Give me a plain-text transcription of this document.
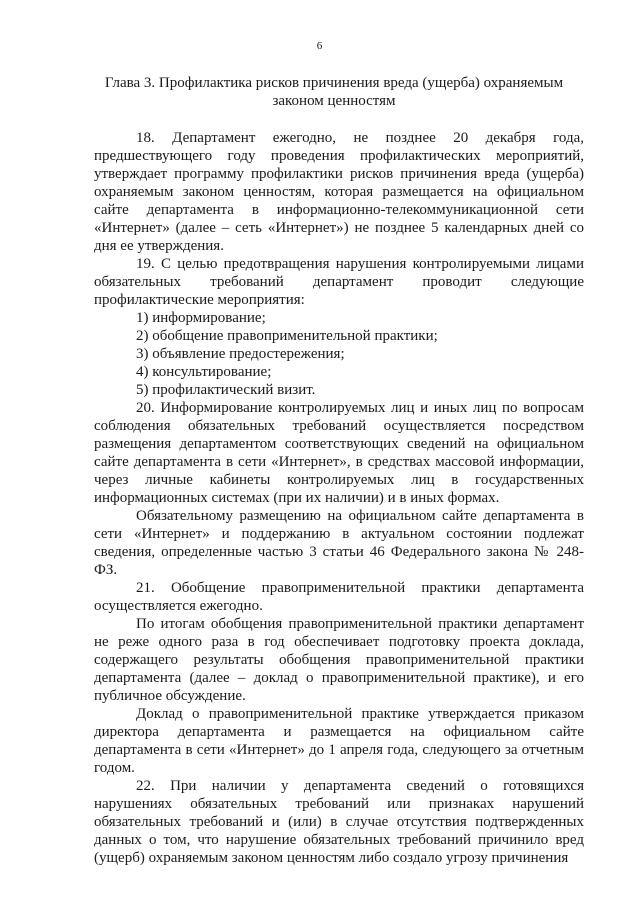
6
Глава 3. Профилактика рисков причинения вреда (ущерба) охраняемым законом ценностям

18. Департамент ежегодно, не позднее 20 декабря года, предшествующего году проведения профилактических мероприятий, утверждает программу профилактики рисков причинения вреда (ущерба) охраняемым законом ценностям, которая размещается на официальном сайте департамента в информационно-телекоммуникационной сети «Интернет» (далее – сеть «Интернет») не позднее 5 календарных дней со дня ее утверждения.

19. С целью предотвращения нарушения контролируемыми лицами обязательных требований департамент проводит следующие профилактические мероприятия:

1) информирование;
2) обобщение правоприменительной практики;
3) объявление предостережения;
4) консультирование;
5) профилактический визит.

20. Информирование контролируемых лиц и иных лиц по вопросам соблюдения обязательных требований осуществляется посредством размещения департаментом соответствующих сведений на официальном сайте департамента в сети «Интернет», в средствах массовой информации, через личные кабинеты контролируемых лиц в государственных информационных системах (при их наличии) и в иных формах.

Обязательному размещению на официальном сайте департамента в сети «Интернет» и поддержанию в актуальном состоянии подлежат сведения, определенные частью 3 статьи 46 Федерального закона № 248-ФЗ.

21. Обобщение правоприменительной практики департамента осуществляется ежегодно.

По итогам обобщения правоприменительной практики департамент не реже одного раза в год обеспечивает подготовку проекта доклада, содержащего результаты обобщения правоприменительной практики департамента (далее – доклад о правоприменительной практике), и его публичное обсуждение.

Доклад о правоприменительной практике утверждается приказом директора департамента и размещается на официальном сайте департамента в сети «Интернет» до 1 апреля года, следующего за отчетным годом.

22. При наличии у департамента сведений о готовящихся нарушениях обязательных требований или признаках нарушений обязательных требований и (или) в случае отсутствия подтвержденных данных о том, что нарушение обязательных требований причинило вред (ущерб) охраняемым законом ценностям либо создало угрозу причинения
